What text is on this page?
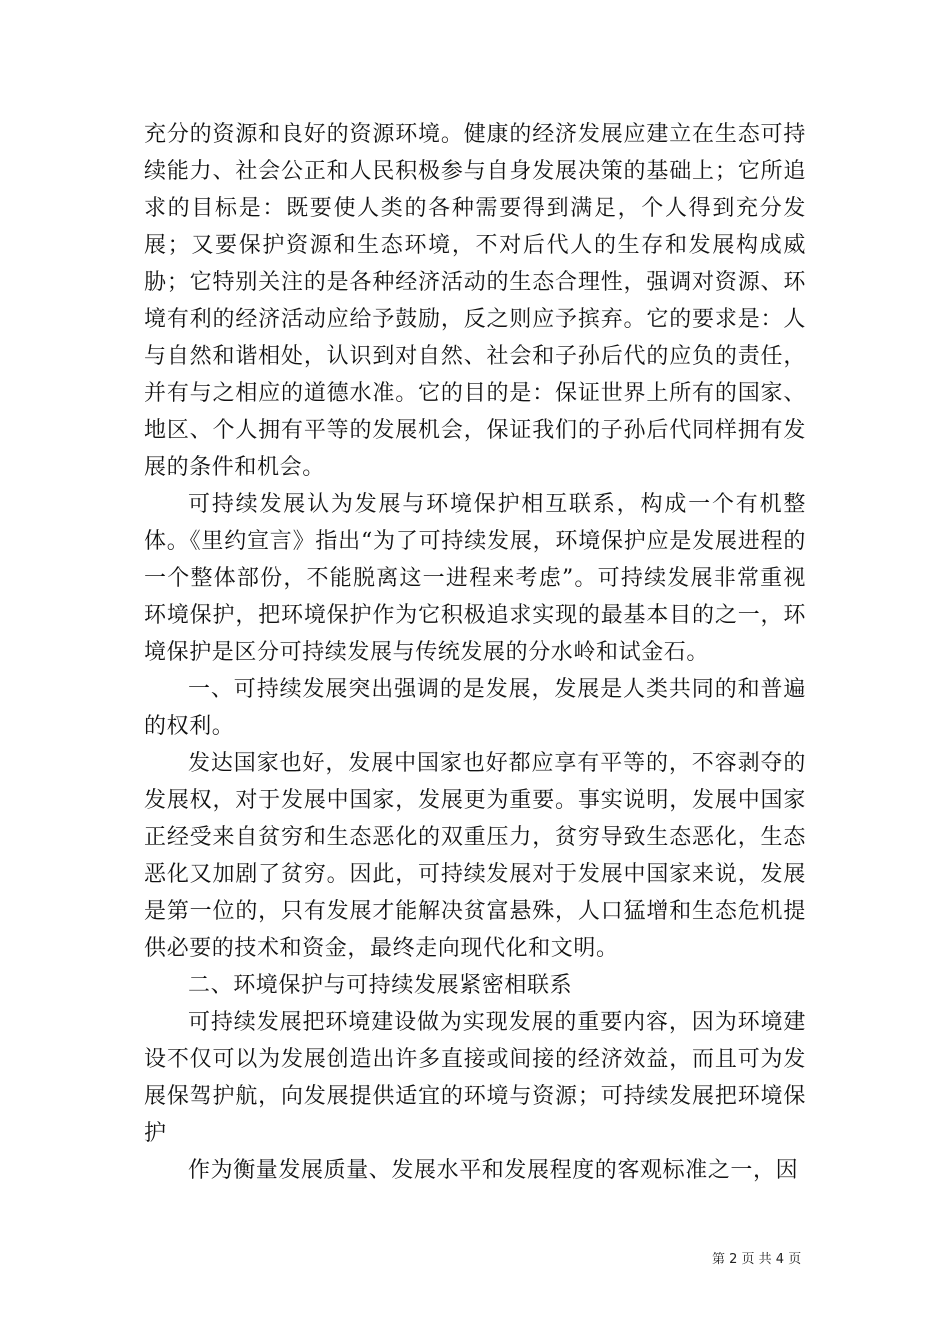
充分的资源和良好的资源环境。健康的经济发展应建立在生态可持续能力、社会公正和人民积极参与自身发展决策的基础上；它所追求的目标是：既要使人类的各种需要得到满足，个人得到充分发展；又要保护资源和生态环境，不对后代人的生存和发展构成威胁；它特别关注的是各种经济活动的生态合理性，强调对资源、环境有利的经济活动应给予鼓励，反之则应予摈弃。它的要求是：人与自然和谐相处，认识到对自然、社会和子孙后代的应负的责任，并有与之相应的道德水准。它的目的是：保证世界上所有的国家、地区、个人拥有平等的发展机会，保证我们的子孙后代同样拥有发展的条件和机会。

可持续发展认为发展与环境保护相互联系，构成一个有机整体。《里约宣言》指出“为了可持续发展，环境保护应是发展进程的一个整体部份，不能脱离这一进程来考虑”。可持续发展非常重视环境保护，把环境保护作为它积极追求实现的最基本目的之一，环境保护是区分可持续发展与传统发展的分水岭和试金石。

一、可持续发展突出强调的是发展，发展是人类共同的和普遍的权利。

发达国家也好，发展中国家也好都应享有平等的，不容剥夺的发展权，对于发展中国家，发展更为重要。事实说明，发展中国家正经受来自贫穷和生态恶化的双重压力，贫穷导致生态恶化，生态恶化又加剧了贫穷。因此，可持续发展对于发展中国家来说，发展是第一位的，只有发展才能解决贫富悬殊，人口猛增和生态危机提供必要的技术和资金，最终走向现代化和文明。

二、环境保护与可持续发展紧密相联系

可持续发展把环境建设做为实现发展的重要内容，因为环境建设不仅可以为发展创造出许多直接或间接的经济效益，而且可为发展保驾护航，向发展提供适宜的环境与资源；可持续发展把环境保护

作为衡量发展质量、发展水平和发展程度的客观标准之一，因

第 2 页 共 4 页
